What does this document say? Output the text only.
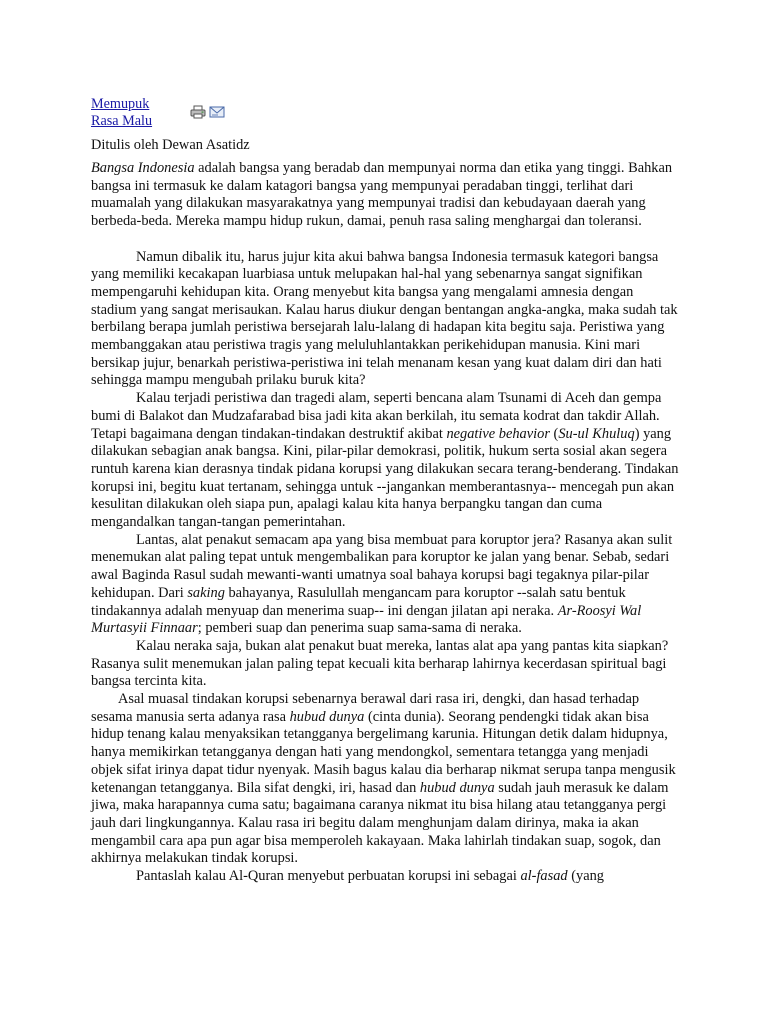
Memupuk
Rasa Malu
Ditulis oleh Dewan Asatidz

Bangsa Indonesia adalah bangsa yang beradab dan mempunyai norma dan etika yang tinggi. Bahkan bangsa ini termasuk ke dalam katagori bangsa yang mempunyai peradaban tinggi, terlihat dari muamalah yang dilakukan masyarakatnya yang mempunyai tradisi dan kebudayaan daerah yang berbeda-beda. Mereka mampu hidup rukun, damai, penuh rasa saling menghargai dan toleransi.

Namun dibalik itu, harus jujur kita akui bahwa bangsa Indonesia termasuk kategori bangsa yang memiliki kecakapan luarbiasa untuk melupakan hal-hal yang sebenarnya sangat signifikan mempengaruhi kehidupan kita. Orang menyebut kita bangsa yang mengalami amnesia dengan stadium yang sangat merisaukan. Kalau harus diukur dengan bentangan angka-angka, maka sudah tak berbilang berapa jumlah peristiwa bersejarah lalu-lalang di hadapan kita begitu saja. Peristiwa yang membanggakan atau peristiwa tragis yang meluluhlantakkan perikehidupan manusia. Kini mari bersikap jujur, benarkah peristiwa-peristiwa ini telah menanam kesan yang kuat dalam diri dan hati sehingga mampu mengubah prilaku buruk kita?

Kalau terjadi peristiwa dan tragedi alam, seperti bencana alam Tsunami di Aceh dan gempa bumi di Balakot dan Mudzafarabad bisa jadi kita akan berkilah, itu semata kodrat dan takdir Allah. Tetapi bagaimana dengan tindakan-tindakan destruktif akibat negative behavior (Su-ul Khuluq) yang dilakukan sebagian anak bangsa. Kini, pilar-pilar demokrasi, politik, hukum serta sosial akan segera runtuh karena kian derasnya tindak pidana korupsi yang dilakukan secara terang-benderang. Tindakan korupsi ini, begitu kuat tertanam, sehingga untuk --jangankan memberantasnya-- mencegah pun akan kesulitan dilakukan oleh siapa pun, apalagi kalau kita hanya berpangku tangan dan cuma mengandalkan tangan-tangan pemerintahan.

Lantas, alat penakut semacam apa yang bisa membuat para koruptor jera? Rasanya akan sulit menemukan alat paling tepat untuk mengembalikan para koruptor ke jalan yang benar. Sebab, sedari awal Baginda Rasul sudah mewanti-wanti umatnya soal bahaya korupsi bagi tegaknya pilar-pilar kehidupan. Dari saking bahayanya, Rasulullah mengancam para koruptor --salah satu bentuk tindakannya adalah menyuap dan menerima suap-- ini dengan jilatan api neraka. Ar-Roosyi Wal Murtasyii Finnaar; pemberi suap dan penerima suap sama-sama di neraka.

Kalau neraka saja, bukan alat penakut buat mereka, lantas alat apa yang pantas kita siapkan? Rasanya sulit menemukan jalan paling tepat kecuali kita berharap lahirnya kecerdasan spiritual bagi bangsa tercinta kita.

Asal muasal tindakan korupsi sebenarnya berawal dari rasa iri, dengki, dan hasad terhadap sesama manusia serta adanya rasa hubud dunya (cinta dunia). Seorang pendengki tidak akan bisa hidup tenang kalau menyaksikan tetangganya bergelimang karunia. Hitungan detik dalam hidupnya, hanya memikirkan tetangganya dengan hati yang mendongkol, sementara tetangga yang menjadi objek sifat irinya dapat tidur nyenyak. Masih bagus kalau dia berharap nikmat serupa tanpa mengusik ketenangan tetangganya. Bila sifat dengki, iri, hasad dan hubud dunya sudah jauh merasuk ke dalam jiwa, maka harapannya cuma satu; bagaimana caranya nikmat itu bisa hilang atau tetangganya pergi jauh dari lingkungannya. Kalau rasa iri begitu dalam menghunjam dalam dirinya, maka ia akan mengambil cara apa pun agar bisa memperoleh kakayaan. Maka lahirlah tindakan suap, sogok, dan akhirnya melakukan tindak korupsi.

Pantaslah kalau Al-Quran menyebut perbuatan korupsi ini sebagai al-fasad (yang
